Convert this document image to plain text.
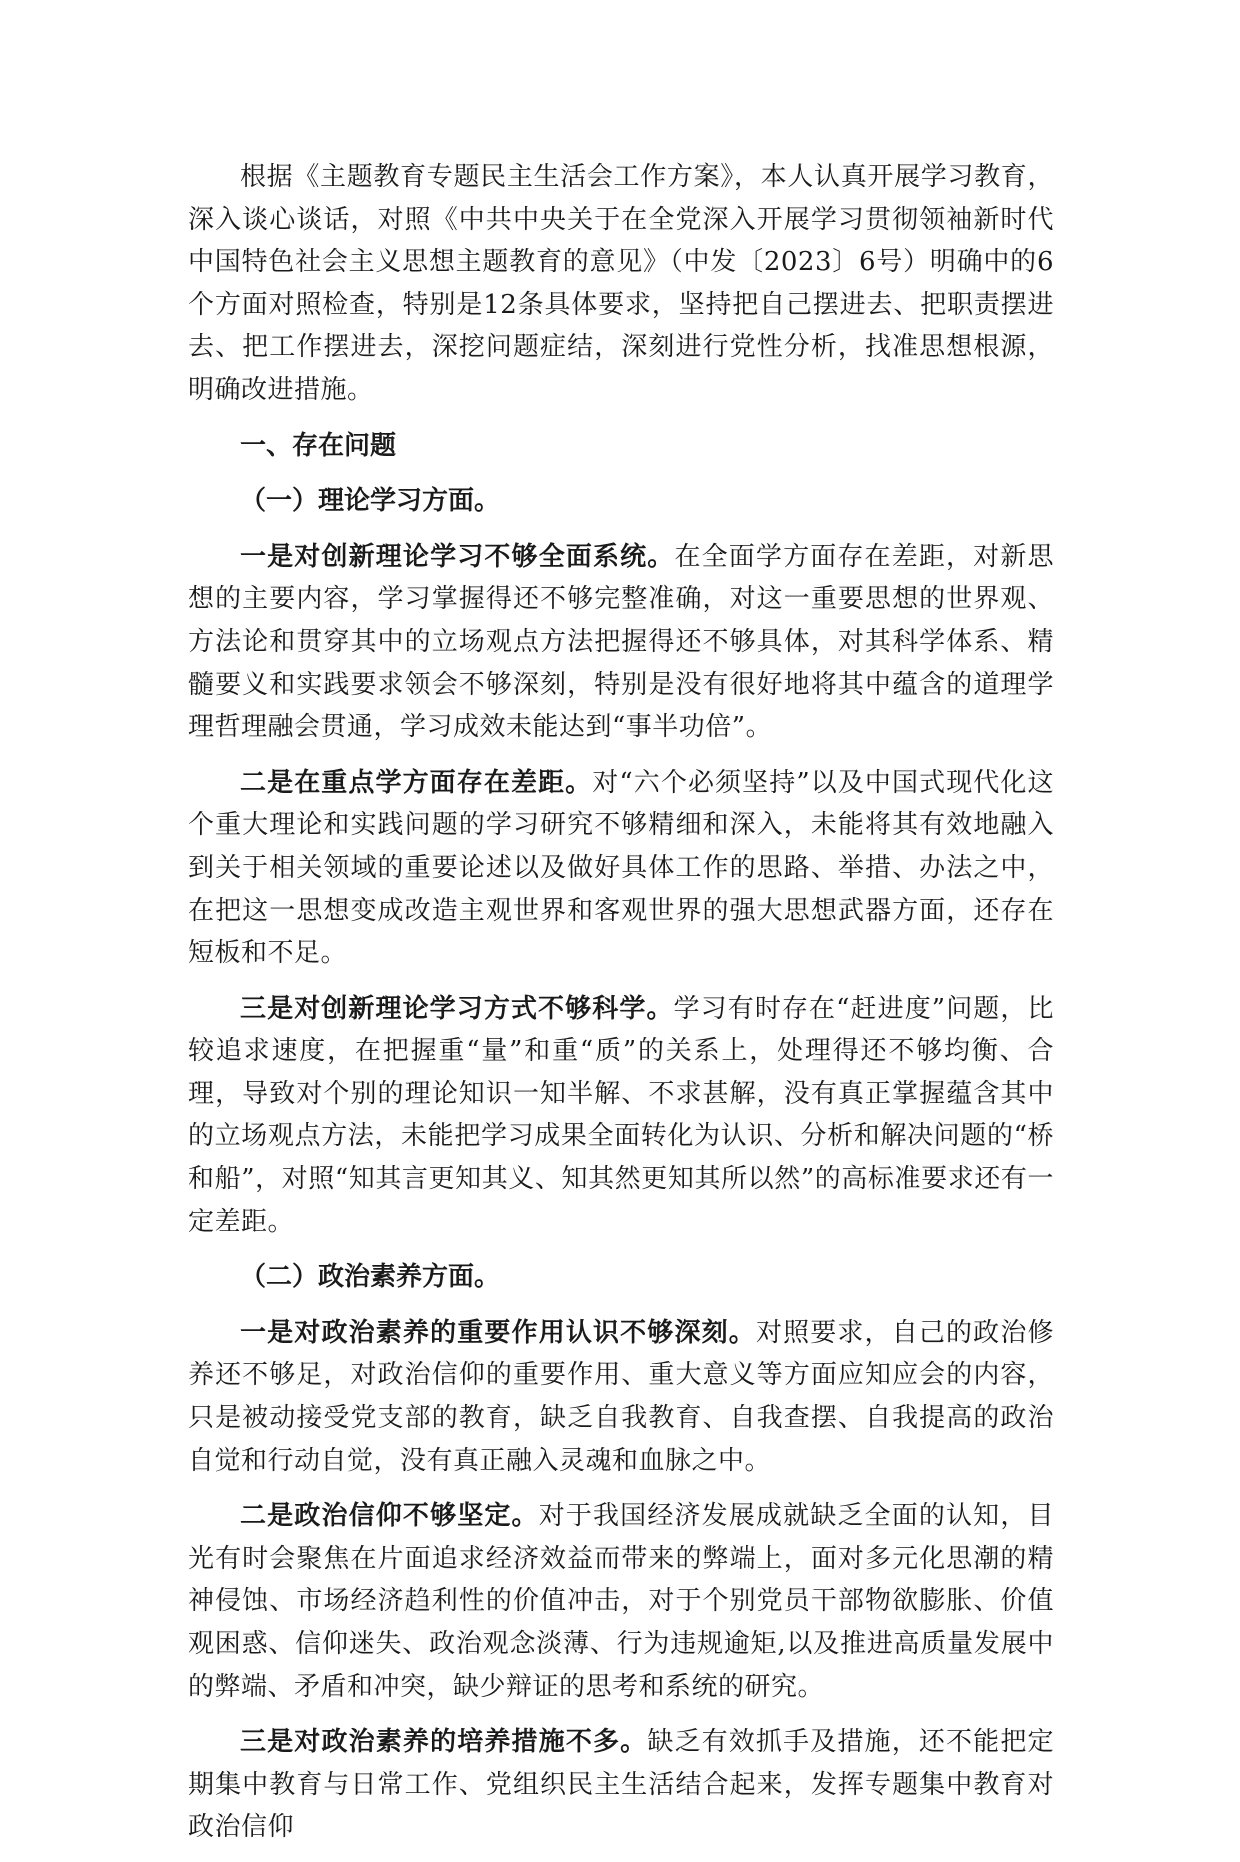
根据《主题教育专题民主生活会工作方案》，本人认真开展学习教育，深入谈心谈话，对照《中共中央关于在全党深入开展学习贯彻领袖新时代中国特色社会主义思想主题教育的意见》（中发〔2023〕6号）明确中的6个方面对照检查，特别是12条具体要求，坚持把自己摆进去、把职责摆进去、把工作摆进去，深挖问题症结，深刻进行党性分析，找准思想根源，明确改进措施。

一、存在问题

（一）理论学习方面。

一是对创新理论学习不够全面系统。在全面学方面存在差距，对新思想的主要内容，学习掌握得还不够完整准确，对这一重要思想的世界观、方法论和贯穿其中的立场观点方法把握得还不够具体，对其科学体系、精髓要义和实践要求领会不够深刻，特别是没有很好地将其中蕴含的道理学理哲理融会贯通，学习成效未能达到“事半功倍”。

二是在重点学方面存在差距。对“六个必须坚持”以及中国式现代化这个重大理论和实践问题的学习研究不够精细和深入，未能将其有效地融入到关于相关领域的重要论述以及做好具体工作的思路、举措、办法之中，在把这一思想变成改造主观世界和客观世界的强大思想武器方面，还存在短板和不足。

三是对创新理论学习方式不够科学。学习有时存在“赶进度”问题，比较追求速度，在把握重“量”和重“质”的关系上，处理得还不够均衡、合理，导致对个别的理论知识一知半解、不求甚解，没有真正掌握蕴含其中的立场观点方法，未能把学习成果全面转化为认识、分析和解决问题的“桥和船”，对照“知其言更知其义、知其然更知其所以然”的高标准要求还有一定差距。

（二）政治素养方面。

一是对政治素养的重要作用认识不够深刻。对照要求，自己的政治修养还不够足，对政治信仰的重要作用、重大意义等方面应知应会的内容，只是被动接受党支部的教育，缺乏自我教育、自我查摆、自我提高的政治自觉和行动自觉，没有真正融入灵魂和血脉之中。

二是政治信仰不够坚定。对于我国经济发展成就缺乏全面的认知，目光有时会聚焦在片面追求经济效益而带来的弊端上，面对多元化思潮的精神侵蚀、市场经济趋利性的价值冲击，对于个别党员干部物欲膨胀、价值观困惑、信仰迷失、政治观念淡薄、行为违规逾矩,以及推进高质量发展中的弊端、矛盾和冲突，缺少辩证的思考和系统的研究。

三是对政治素养的培养措施不多。缺乏有效抓手及措施，还不能把定期集中教育与日常工作、党组织民主生活结合起来，发挥专题集中教育对政治信仰
